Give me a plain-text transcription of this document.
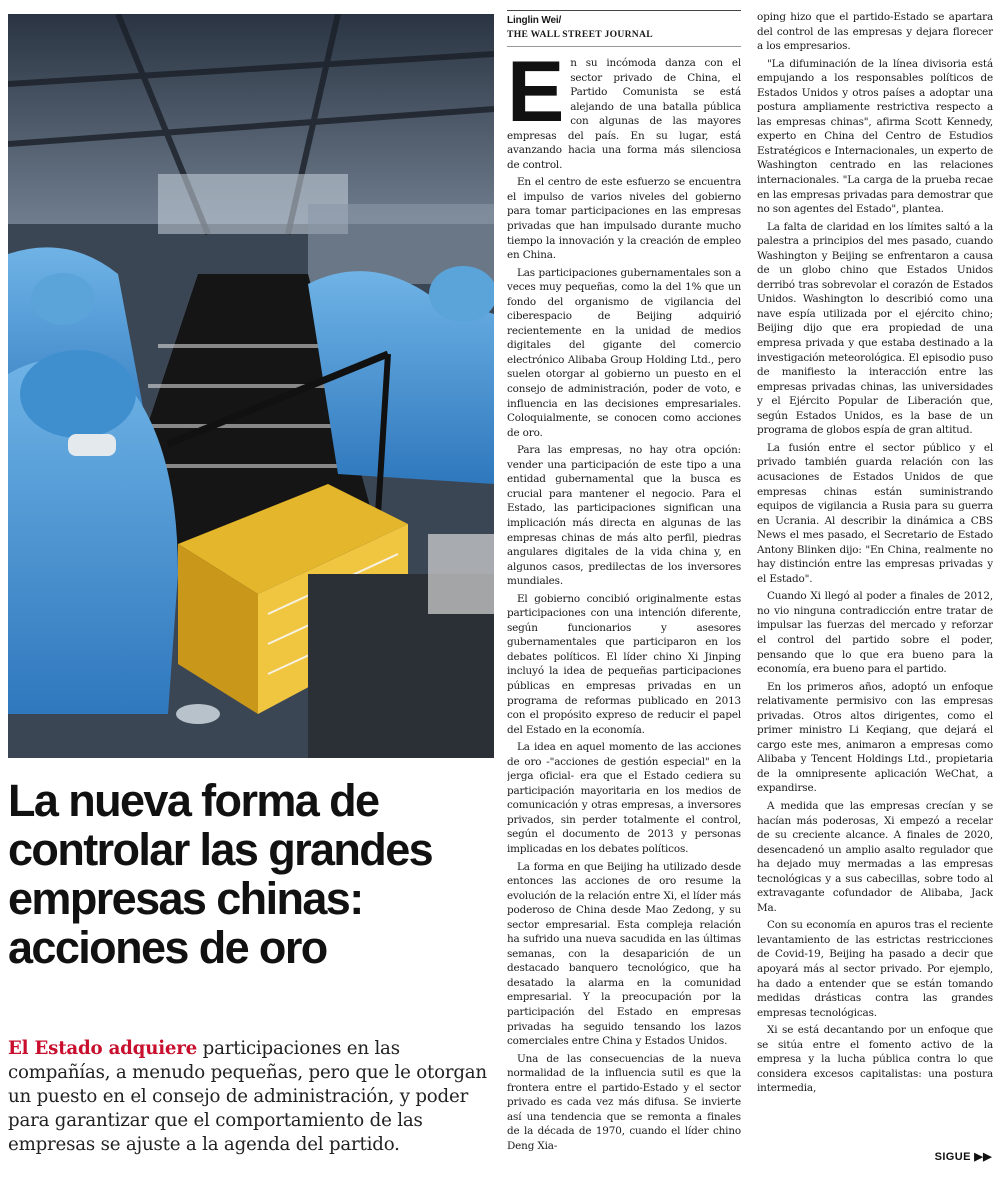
La nueva forma de controlar las grandes empresas chinas: acciones de oro

El Estado adquiere participaciones en las compañías, a menudo pequeñas, pero que le otorgan un puesto en el consejo de administración, y poder para garantizar que el comportamiento de las empresas se ajuste a la agenda del partido.

Linglin Wei/
THE WALL STREET JOURNAL

En su incómoda danza con el sector privado de China, el Partido Comunista se está alejando de una batalla pública con algunas de las mayores empresas del país. En su lugar, está avanzando hacia una forma más silenciosa de control.

En el centro de este esfuerzo se encuentra el impulso de varios niveles del gobierno para tomar participaciones en las empresas privadas que han impulsado durante mucho tiempo la innovación y la creación de empleo en China.

Las participaciones gubernamentales son a veces muy pequeñas, como la del 1% que un fondo del organismo de vigilancia del ciberespacio de Beijing adquirió recientemente en la unidad de medios digitales del gigante del comercio electrónico Alibaba Group Holding Ltd., pero suelen otorgar al gobierno un puesto en el consejo de administración, poder de voto, e influencia en las decisiones empresariales. Coloquialmente, se conocen como acciones de oro.

Para las empresas, no hay otra opción: vender una participación de este tipo a una entidad gubernamental que la busca es crucial para mantener el negocio. Para el Estado, las participaciones significan una implicación más directa en algunas de las empresas chinas de más alto perfil, piedras angulares digitales de la vida china y, en algunos casos, predilectas de los inversores mundiales.

El gobierno concibió originalmente estas participaciones con una intención diferente, según funcionarios y asesores gubernamentales que participaron en los debates políticos. El líder chino Xi Jinping incluyó la idea de pequeñas participaciones públicas en empresas privadas en un programa de reformas publicado en 2013 con el propósito expreso de reducir el papel del Estado en la economía.

La idea en aquel momento de las acciones de oro -"acciones de gestión especial" en la jerga oficial- era que el Estado cediera su participación mayoritaria en los medios de comunicación y otras empresas, a inversores privados, sin perder totalmente el control, según el documento de 2013 y personas implicadas en los debates políticos.

La forma en que Beijing ha utilizado desde entonces las acciones de oro resume la evolución de la relación entre Xi, el líder más poderoso de China desde Mao Zedong, y su sector empresarial. Esta compleja relación ha sufrido una nueva sacudida en las últimas semanas, con la desaparición de un destacado banquero tecnológico, que ha desatado la alarma en la comunidad empresarial. Y la preocupación por la participación del Estado en empresas privadas ha seguido tensando los lazos comerciales entre China y Estados Unidos.

Una de las consecuencias de la nueva normalidad de la influencia sutil es que la frontera entre el partido-Estado y el sector privado es cada vez más difusa. Se invierte así una tendencia que se remonta a finales de la década de 1970, cuando el líder chino Deng Xia-

oping hizo que el partido-Estado se apartara del control de las empresas y dejara florecer a los empresarios.

"La difuminación de la línea divisoria está empujando a los responsables políticos de Estados Unidos y otros países a adoptar una postura ampliamente restrictiva respecto a las empresas chinas", afirma Scott Kennedy, experto en China del Centro de Estudios Estratégicos e Internacionales, un experto de Washington centrado en las relaciones internacionales. "La carga de la prueba recae en las empresas privadas para demostrar que no son agentes del Estado", plantea.

La falta de claridad en los límites saltó a la palestra a principios del mes pasado, cuando Washington y Beijing se enfrentaron a causa de un globo chino que Estados Unidos derribó tras sobrevolar el corazón de Estados Unidos. Washington lo describió como una nave espía utilizada por el ejército chino; Beijing dijo que era propiedad de una empresa privada y que estaba destinado a la investigación meteorológica. El episodio puso de manifiesto la interacción entre las empresas privadas chinas, las universidades y el Ejército Popular de Liberación que, según Estados Unidos, es la base de un programa de globos espía de gran altitud.

La fusión entre el sector público y el privado también guarda relación con las acusaciones de Estados Unidos de que empresas chinas están suministrando equipos de vigilancia a Rusia para su guerra en Ucrania. Al describir la dinámica a CBS News el mes pasado, el Secretario de Estado Antony Blinken dijo: "En China, realmente no hay distinción entre las empresas privadas y el Estado".

Cuando Xi llegó al poder a finales de 2012, no vio ninguna contradicción entre tratar de impulsar las fuerzas del mercado y reforzar el control del partido sobre el poder, pensando que lo que era bueno para la economía, era bueno para el partido.

En los primeros años, adoptó un enfoque relativamente permisivo con las empresas privadas. Otros altos dirigentes, como el primer ministro Li Keqiang, que dejará el cargo este mes, animaron a empresas como Alibaba y Tencent Holdings Ltd., propietaria de la omnipresente aplicación WeChat, a expandirse.

A medida que las empresas crecían y se hacían más poderosas, Xi empezó a recelar de su creciente alcance. A finales de 2020, desencadenó un amplio asalto regulador que ha dejado muy mermadas a las empresas tecnológicas y a sus cabecillas, sobre todo al extravagante cofundador de Alibaba, Jack Ma.

Con su economía en apuros tras el reciente levantamiento de las estrictas restricciones de Covid-19, Beijing ha pasado a decir que apoyará más al sector privado. Por ejemplo, ha dado a entender que se están tomando medidas drásticas contra las grandes empresas tecnológicas.

Xi se está decantando por un enfoque que se sitúa entre el fomento activo de la empresa y la lucha pública contra lo que considera excesos capitalistas: una postura intermedia,

SIGUE ▶▶
